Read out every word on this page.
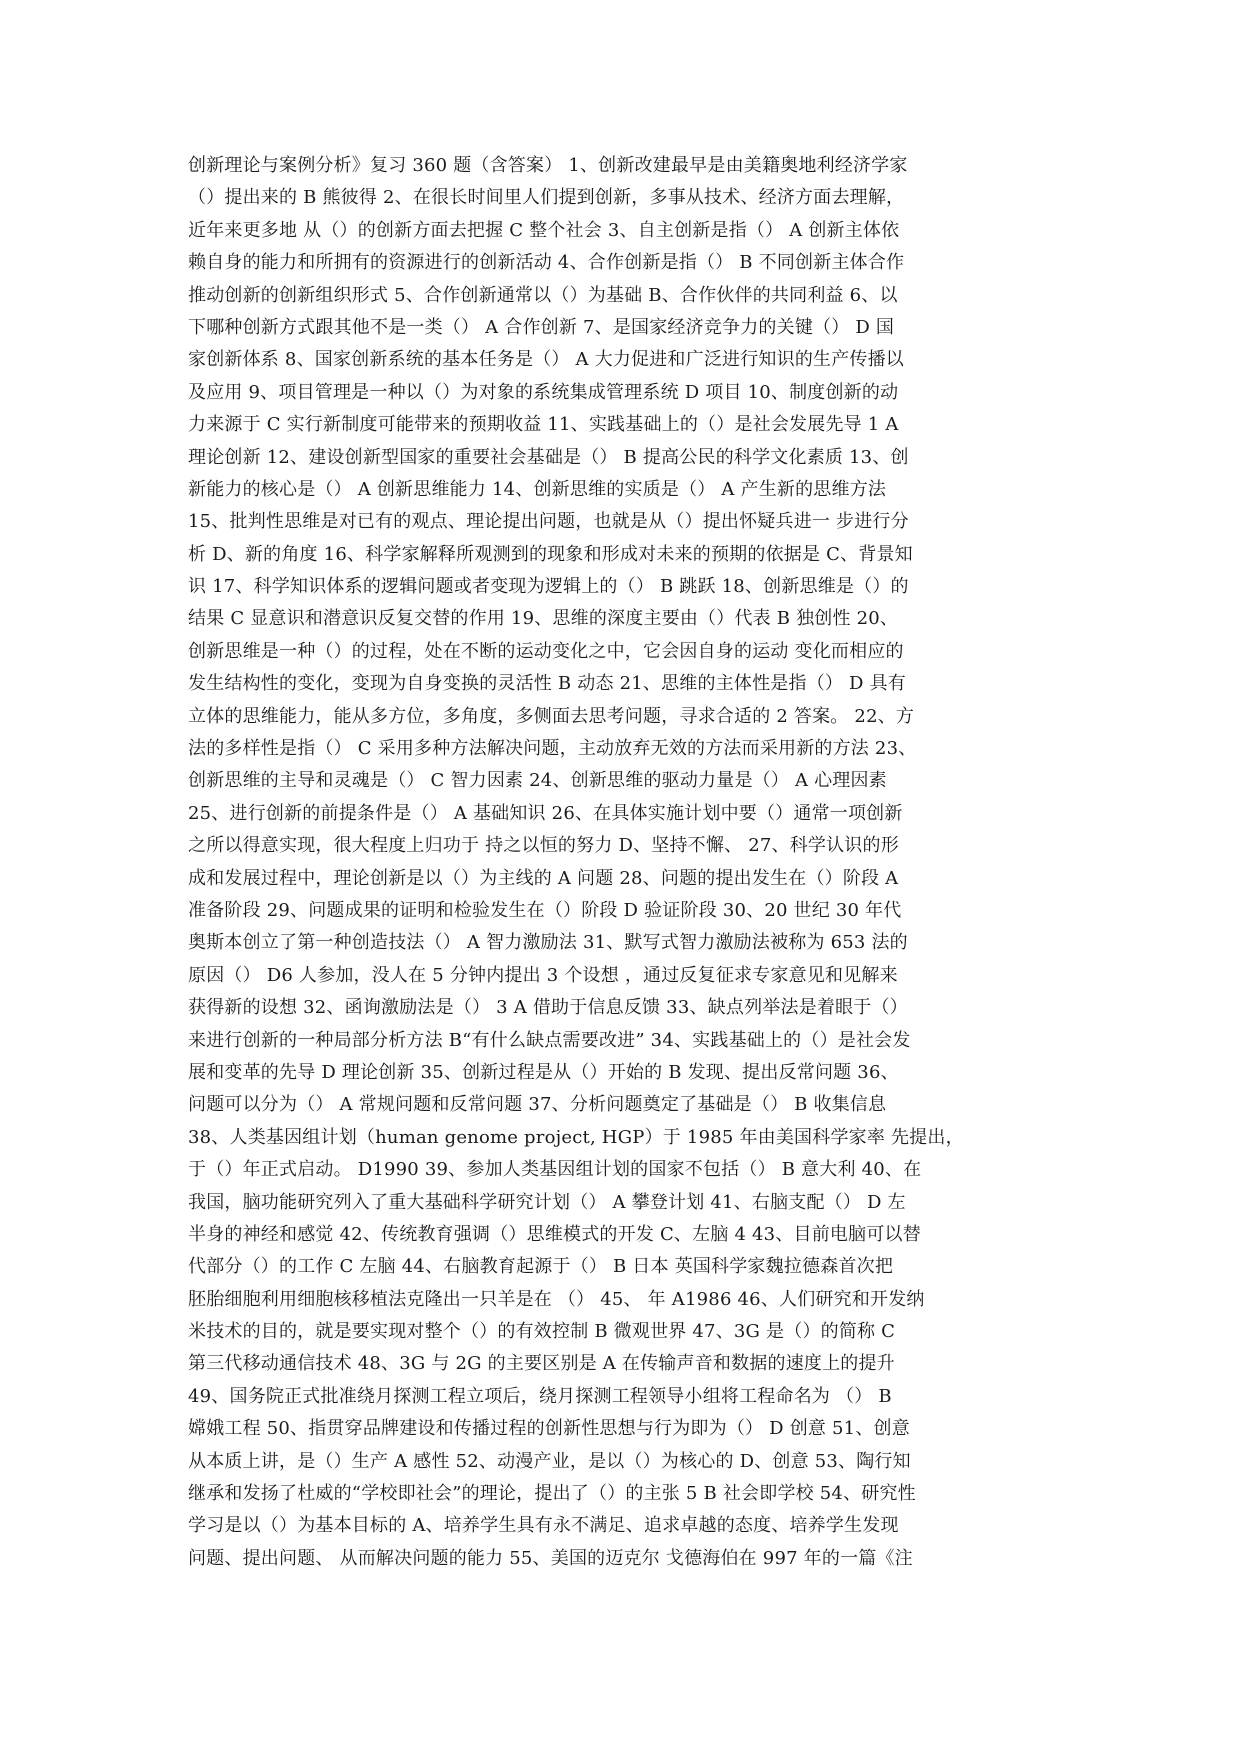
创新理论与案例分析》复习 360 题（含答案） 1、创新改建最早是由美籍奥地利经济学家
（）提出来的 B 熊彼得 2、在很长时间里人们提到创新，多事从技术、经济方面去理解，
近年来更多地 从（）的创新方面去把握 C 整个社会 3、自主创新是指（） A 创新主体依
赖自身的能力和所拥有的资源进行的创新活动 4、合作创新是指（） B 不同创新主体合作
推动创新的创新组织形式 5、合作创新通常以（）为基础 B、合作伙伴的共同利益 6、以
下哪种创新方式跟其他不是一类（） A 合作创新 7、是国家经济竞争力的关键（） D 国
家创新体系 8、国家创新系统的基本任务是（） A 大力促进和广泛进行知识的生产传播以
及应用 9、项目管理是一种以（）为对象的系统集成管理系统 D 项目 10、制度创新的动
力来源于 C 实行新制度可能带来的预期收益 11、实践基础上的（）是社会发展先导 1 A
理论创新 12、建设创新型国家的重要社会基础是（） B 提高公民的科学文化素质 13、创
新能力的核心是（） A 创新思维能力 14、创新思维的实质是（） A 产生新的思维方法
15、批判性思维是对已有的观点、理论提出问题，也就是从（）提出怀疑兵进一 步进行分
析 D、新的角度 16、科学家解释所观测到的现象和形成对未来的预期的依据是 C、背景知
识 17、科学知识体系的逻辑问题或者变现为逻辑上的（） B 跳跃 18、创新思维是（）的
结果 C 显意识和潜意识反复交替的作用 19、思维的深度主要由（）代表 B 独创性 20、
创新思维是一种（）的过程，处在不断的运动变化之中，它会因自身的运动 变化而相应的
发生结构性的变化，变现为自身变换的灵活性 B 动态 21、思维的主体性是指（） D 具有
立体的思维能力，能从多方位，多角度，多侧面去思考问题，寻求合适的 2 答案。 22、方
法的多样性是指（） C 采用多种方法解决问题，主动放弃无效的方法而采用新的方法 23、
创新思维的主导和灵魂是（） C 智力因素 24、创新思维的驱动力量是（） A 心理因素
25、进行创新的前提条件是（） A 基础知识 26、在具体实施计划中要（）通常一项创新
之所以得意实现，很大程度上归功于 持之以恒的努力 D、坚持不懈、 27、科学认识的形
成和发展过程中，理论创新是以（）为主线的 A 问题 28、问题的提出发生在（）阶段 A
准备阶段 29、问题成果的证明和检验发生在（）阶段 D 验证阶段 30、20 世纪 30 年代
奥斯本创立了第一种创造技法（） A 智力激励法 31、默写式智力激励法被称为 653 法的
原因（） D6 人参加，没人在 5 分钟内提出 3 个设想 ，通过反复征求专家意见和见解来
获得新的设想 32、函询激励法是（） 3 A 借助于信息反馈 33、缺点列举法是着眼于（）
来进行创新的一种局部分析方法 B“有什么缺点需要改进” 34、实践基础上的（）是社会发
展和变革的先导 D 理论创新 35、创新过程是从（）开始的 B 发现、提出反常问题 36、
问题可以分为（） A 常规问题和反常问题 37、分析问题奠定了基础是（） B 收集信息
38、人类基因组计划（human genome project, HGP）于 1985 年由美国科学家率 先提出，
于（）年正式启动。 D1990 39、参加人类基因组计划的国家不包括（） B 意大利 40、在
我国，脑功能研究列入了重大基础科学研究计划（） A 攀登计划 41、右脑支配（） D 左
半身的神经和感觉 42、传统教育强调（）思维模式的开发 C、左脑 4 43、目前电脑可以替
代部分（）的工作 C 左脑 44、右脑教育起源于（） B 日本 英国科学家魏拉德森首次把
胚胎细胞利用细胞核移植法克隆出一只羊是在 （） 45、 年 A1986 46、人们研究和开发纳
米技术的目的，就是要实现对整个（）的有效控制 B 微观世界 47、3G 是（）的简称 C
第三代移动通信技术 48、3G 与 2G 的主要区别是 A 在传输声音和数据的速度上的提升
49、国务院正式批准绕月探测工程立项后，绕月探测工程领导小组将工程命名为 （） B
嫦娥工程 50、指贯穿品牌建设和传播过程的创新性思想与行为即为（） D 创意 51、创意
从本质上讲，是（）生产 A 感性 52、动漫产业，是以（）为核心的 D、创意 53、陶行知
继承和发扬了杜威的“学校即社会”的理论，提出了（）的主张 5 B 社会即学校 54、研究性
学习是以（）为基本目标的 A、培养学生具有永不满足、追求卓越的态度、培养学生发现
问题、提出问题、 从而解决问题的能力 55、美国的迈克尔 戈德海伯在 997 年的一篇《注
